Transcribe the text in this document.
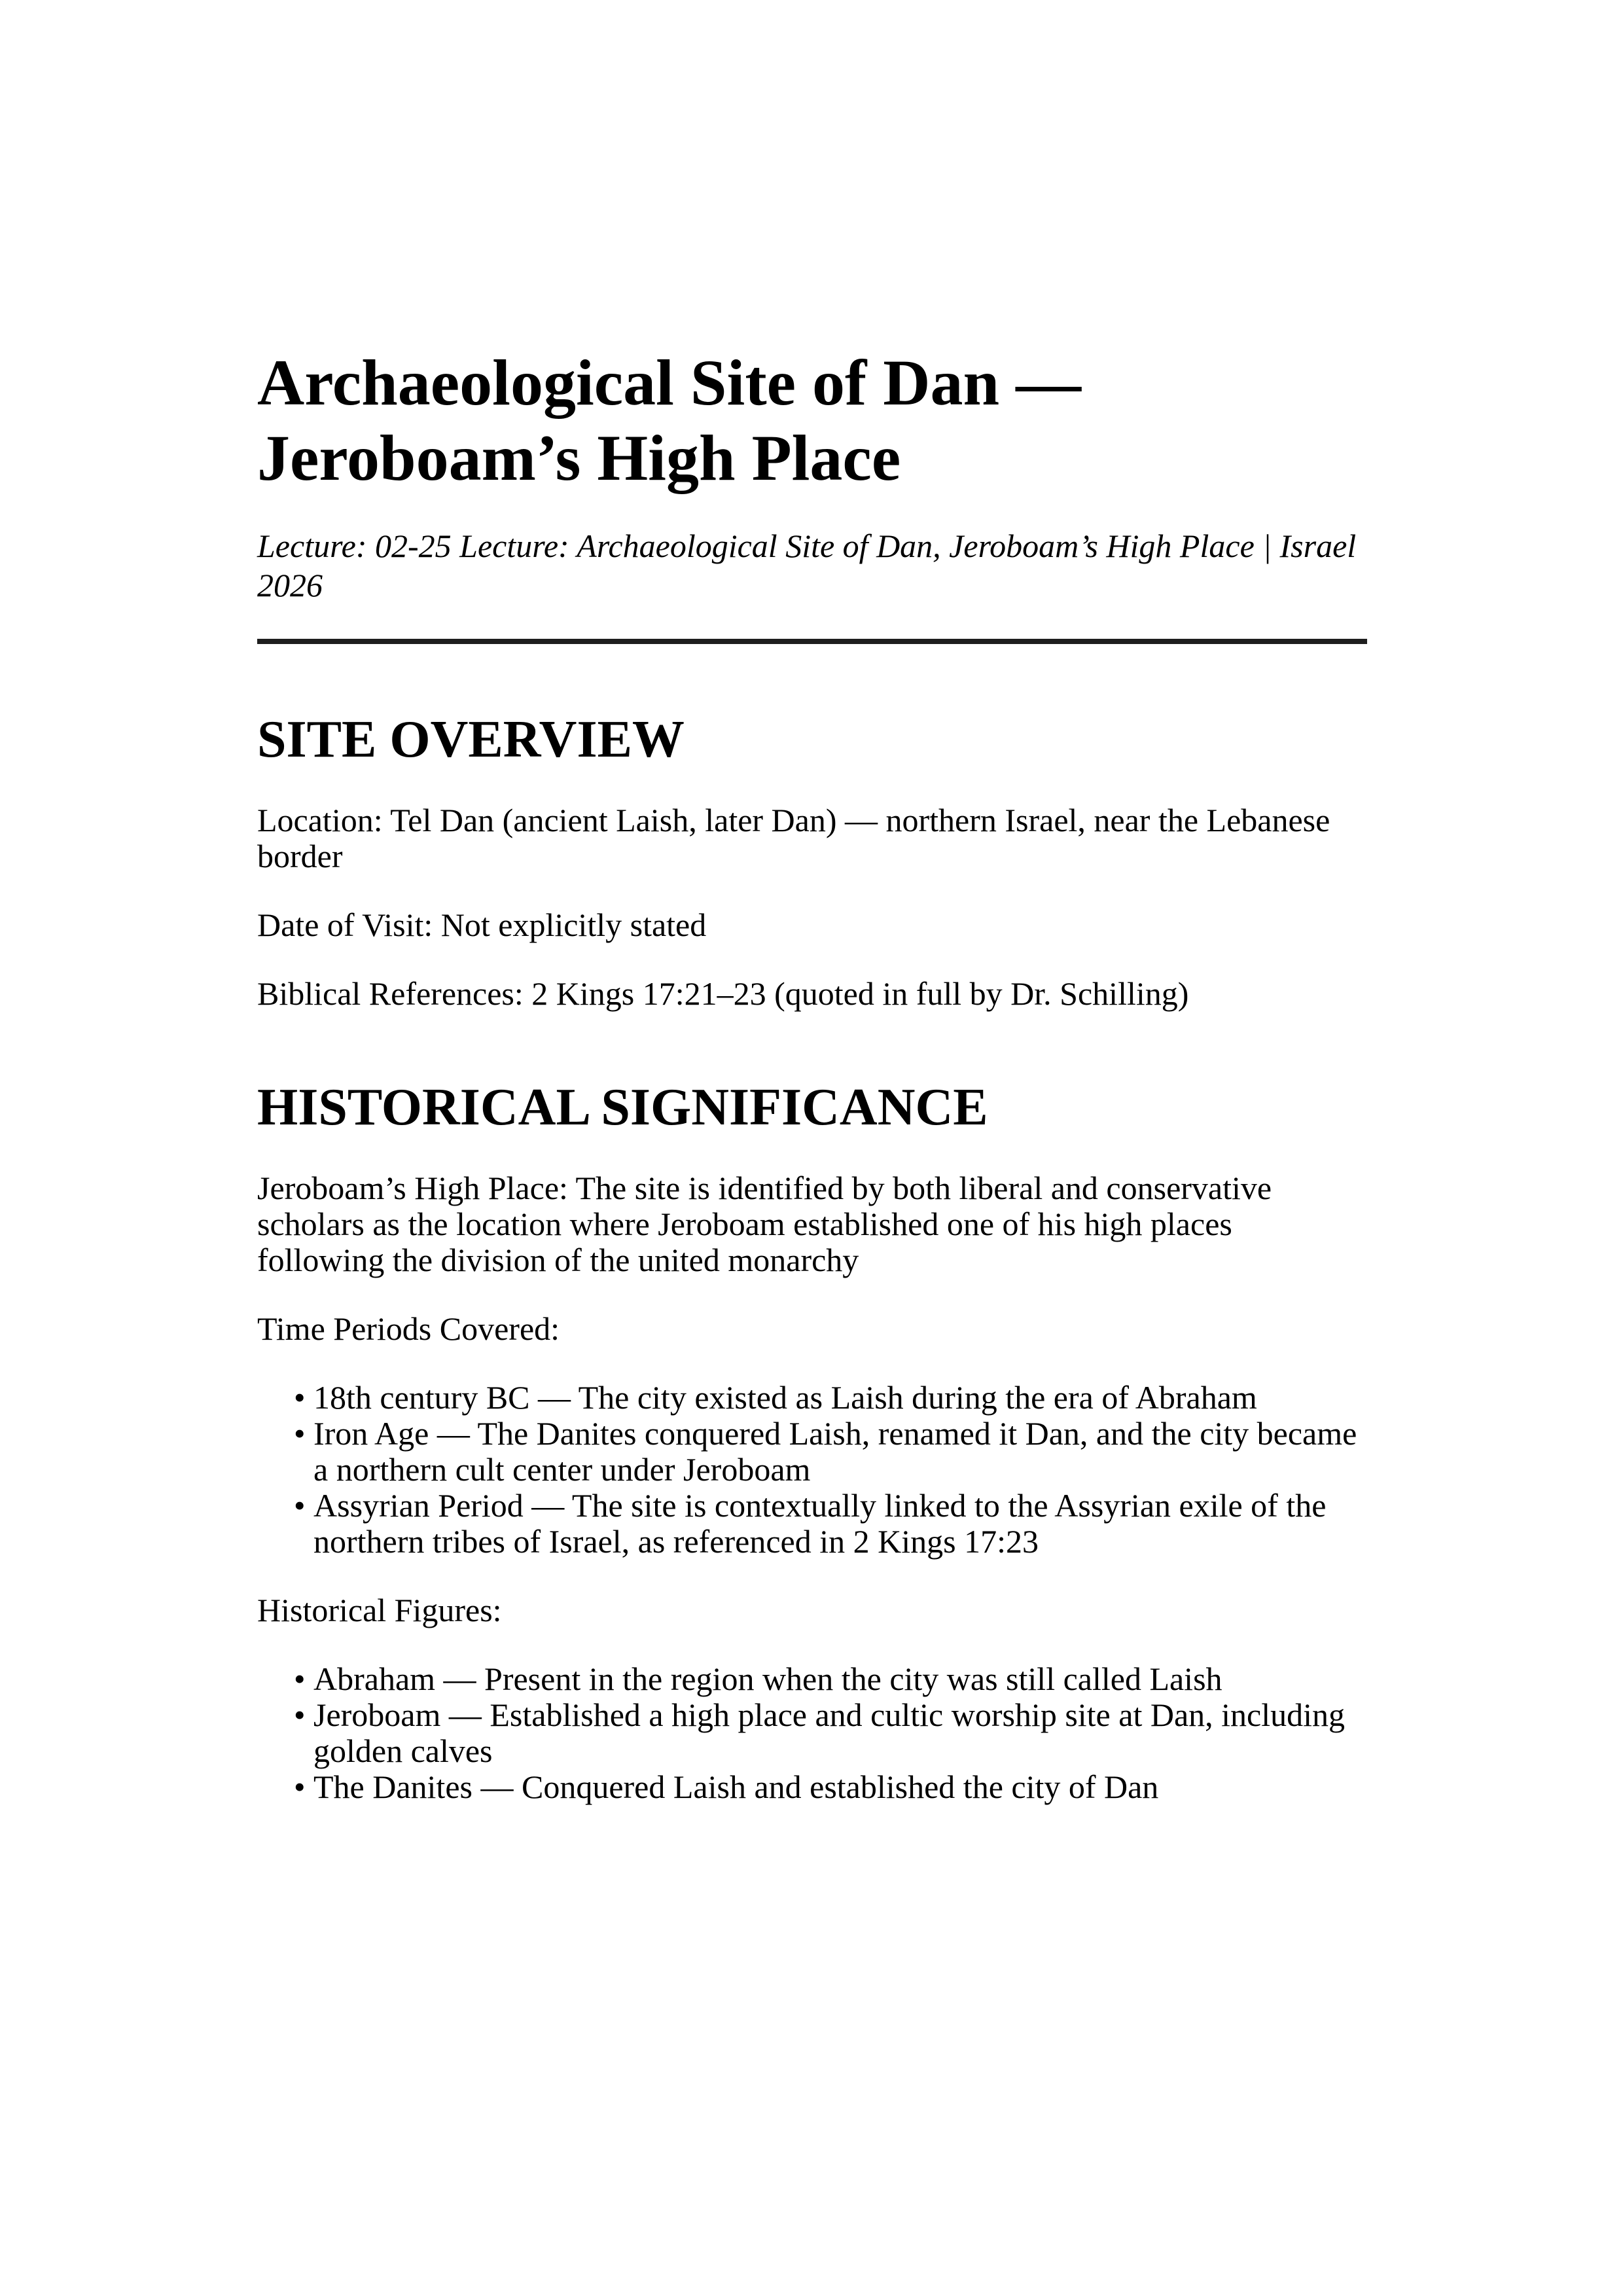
Archaeological Site of Dan — Jeroboam’s High Place

Lecture: 02-25 Lecture: Archaeological Site of Dan, Jeroboam’s High Place | Israel 2026

SITE OVERVIEW

Location: Tel Dan (ancient Laish, later Dan) — northern Israel, near the Lebanese border

Date of Visit: Not explicitly stated

Biblical References: 2 Kings 17:21–23 (quoted in full by Dr. Schilling)

HISTORICAL SIGNIFICANCE

Jeroboam’s High Place: The site is identified by both liberal and conservative scholars as the location where Jeroboam established one of his high places following the division of the united monarchy

Time Periods Covered:

• 18th century BC — The city existed as Laish during the era of Abraham
• Iron Age — The Danites conquered Laish, renamed it Dan, and the city became a northern cult center under Jeroboam
• Assyrian Period — The site is contextually linked to the Assyrian exile of the northern tribes of Israel, as referenced in 2 Kings 17:23

Historical Figures:

• Abraham — Present in the region when the city was still called Laish
• Jeroboam — Established a high place and cultic worship site at Dan, including golden calves
• The Danites — Conquered Laish and established the city of Dan
